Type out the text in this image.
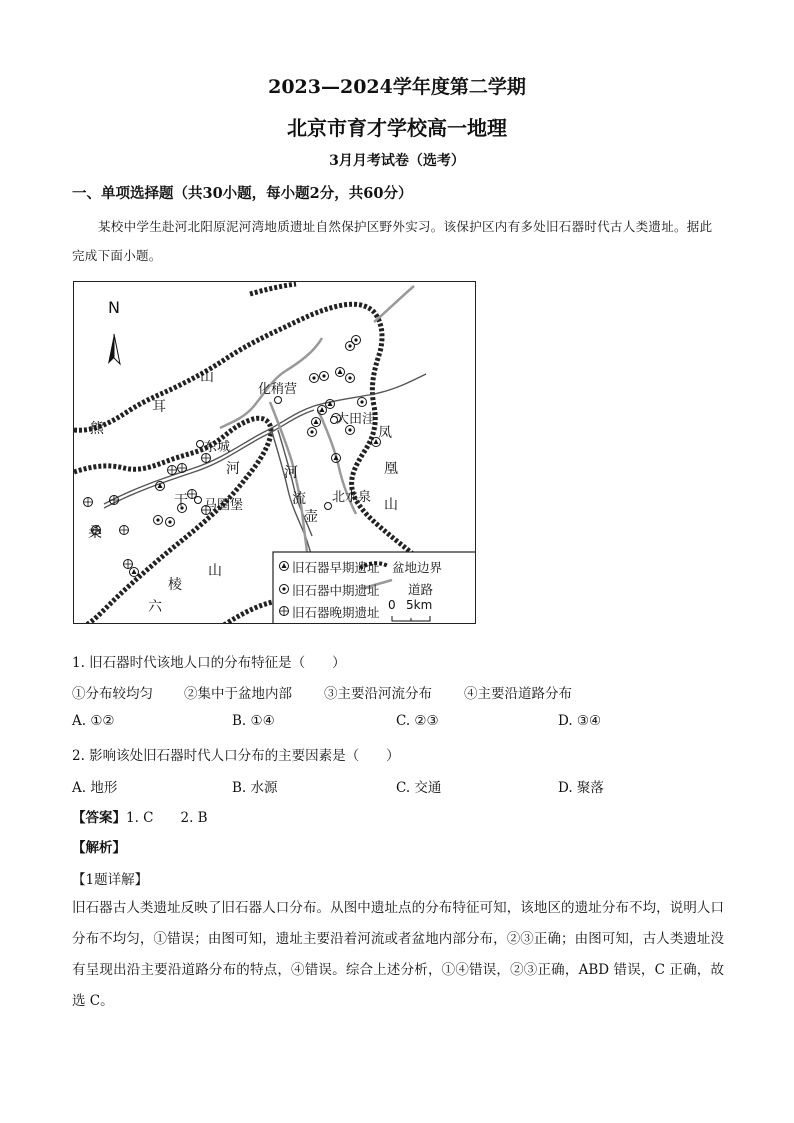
2023—2024学年度第二学期
北京市育才学校高一地理
3月月考试卷（选考）
一、单项选择题（共30小题，每小题2分，共60分）
某校中学生赴河北阳原泥河湾地质遗址自然保护区野外实习。该保护区内有多处旧石器时代古人类遗址。据此完成下面小题。
N
化稍营
大田洼
东城
马圈堡
北水泉
山
耳
熊	凤
凰
山
干
桑
棱
山
六
河	河
流
壶
旧石器早期遗址
旧石器中期遗址
旧石器晚期遗址
盆地边界
道路
0 5km
1. 旧石器时代该地人口的分布特征是（　　）
①分布较均匀 ②集中于盆地内部 ③主要沿河流分布 ④主要沿道路分布
A. ①②	B. ①④	C. ②③	D. ③④
2. 影响该处旧石器时代人口分布的主要因素是（　　）
A. 地形	B. 水源	C. 交通	D. 聚落
【答案】1. C　　2. B
【解析】
【1题详解】
旧石器古人类遗址反映了旧石器人口分布。从图中遗址点的分布特征可知，该地区的遗址分布不均，说明人口分布不均匀，①错误；由图可知，遗址主要沿着河流或者盆地内部分布，②③正确；由图可知，古人类遗址没有呈现出沿主要沿道路分布的特点，④错误。综合上述分析，①④错误，②③正确，ABD 错误，C 正确，故选 C。
